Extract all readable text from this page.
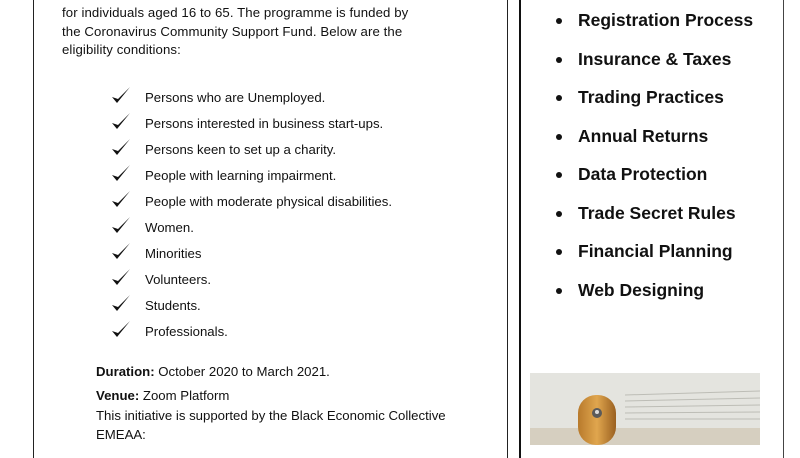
for individuals aged 16 to 65. The programme is funded by
the Coronavirus Community Support Fund. Below are the
eligibility conditions:
Persons who are Unemployed.
Persons interested in business start-ups.
Persons keen to set up a charity.
People with learning impairment.
People with moderate physical disabilities.
Women.
Minorities
Volunteers.
Students.
Professionals.
Duration: October 2020 to March 2021.
Venue: Zoom Platform
This initiative is supported by the Black Economic Collective
EMEAA:
Registration Process
Insurance & Taxes
Trading Practices
Annual Returns
Data Protection
Trade Secret Rules
Financial Planning
Web Designing
